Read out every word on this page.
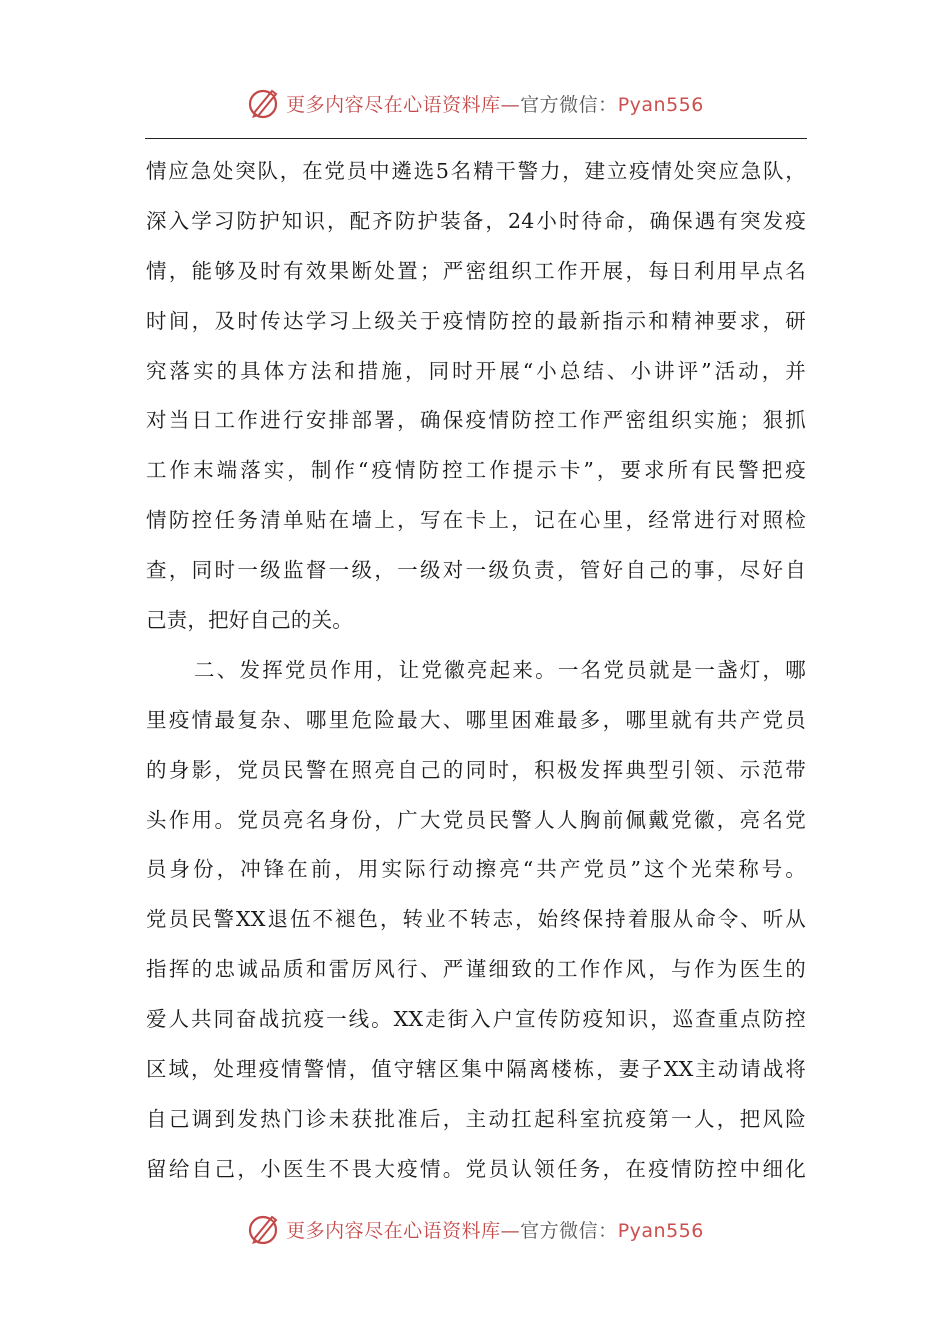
更多内容尽在心语资料库—官方微信：Pyan556
情应急处突队，在党员中遴选5名精干警力，建立疫情处突应急队，
深入学习防护知识，配齐防护装备，24小时待命，确保遇有突发疫
情，能够及时有效果断处置；严密组织工作开展，每日利用早点名
时间，及时传达学习上级关于疫情防控的最新指示和精神要求，研
究落实的具体方法和措施，同时开展“小总结、小讲评”活动，并
对当日工作进行安排部署，确保疫情防控工作严密组织实施；狠抓
工作末端落实，制作“疫情防控工作提示卡”，要求所有民警把疫
情防控任务清单贴在墙上，写在卡上，记在心里，经常进行对照检
查，同时一级监督一级，一级对一级负责，管好自己的事，尽好自
己责，把好自己的关。
二、发挥党员作用，让党徽亮起来。一名党员就是一盏灯，哪
里疫情最复杂、哪里危险最大、哪里困难最多，哪里就有共产党员
的身影，党员民警在照亮自己的同时，积极发挥典型引领、示范带
头作用。党员亮名身份，广大党员民警人人胸前佩戴党徽，亮名党
员身份，冲锋在前，用实际行动擦亮“共产党员”这个光荣称号。
党员民警XX退伍不褪色，转业不转志，始终保持着服从命令、听从
指挥的忠诚品质和雷厉风行、严谨细致的工作作风，与作为医生的
爱人共同奋战抗疫一线。XX走街入户宣传防疫知识，巡查重点防控
区域，处理疫情警情，值守辖区集中隔离楼栋，妻子XX主动请战将
自己调到发热门诊未获批准后，主动扛起科室抗疫第一人，把风险
留给自己，小医生不畏大疫情。党员认领任务，在疫情防控中细化
更多内容尽在心语资料库—官方微信：Pyan556
